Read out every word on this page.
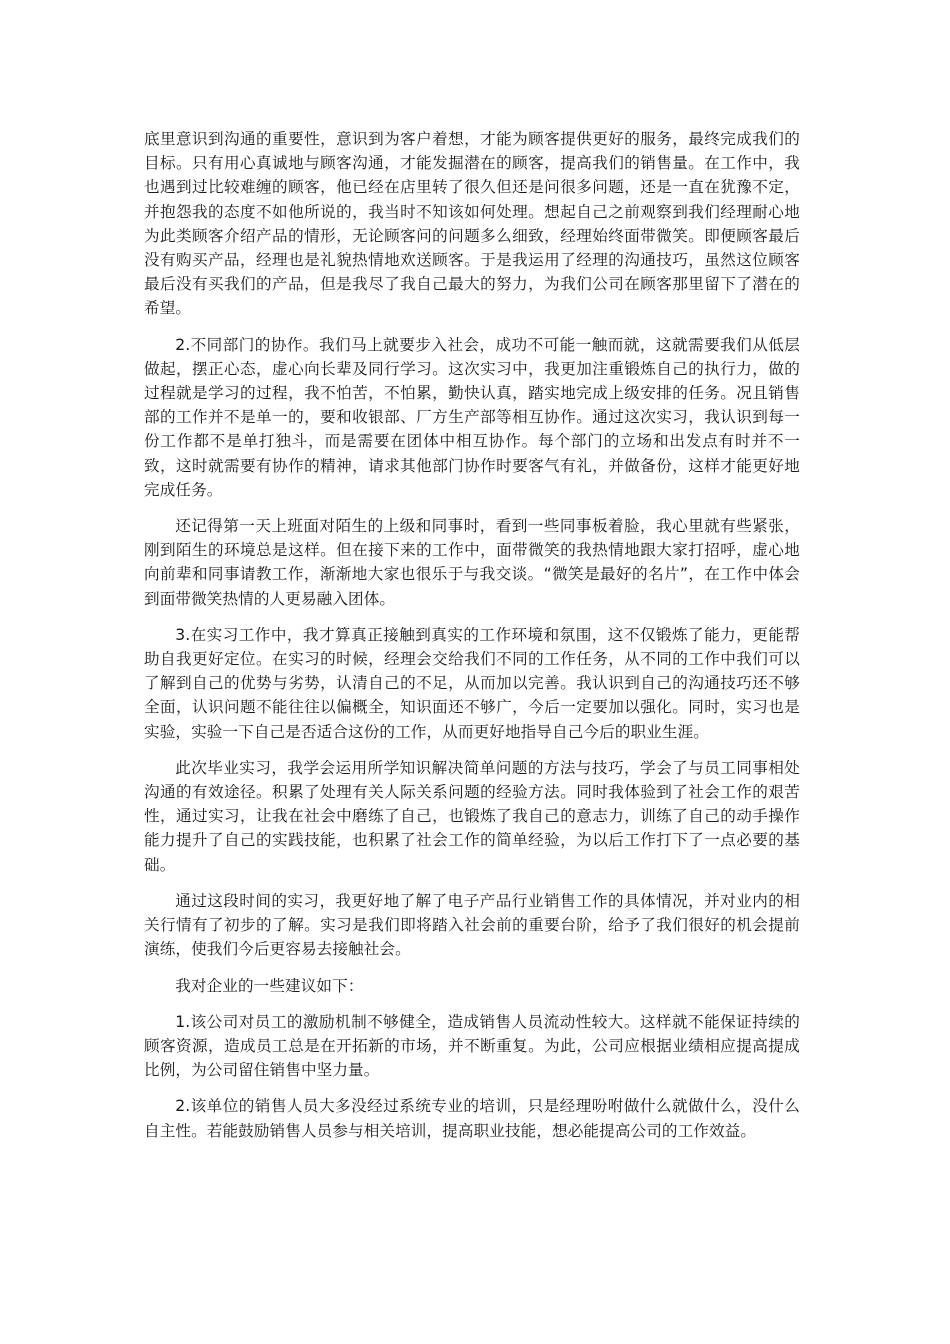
底里意识到沟通的重要性，意识到为客户着想，才能为顾客提供更好的服务，最终完成我们的目标。只有用心真诚地与顾客沟通，才能发掘潜在的顾客，提高我们的销售量。在工作中，我也遇到过比较难缠的顾客，他已经在店里转了很久但还是问很多问题，还是一直在犹豫不定，并抱怨我的态度不如他所说的，我当时不知该如何处理。想起自己之前观察到我们经理耐心地为此类顾客介绍产品的情形，无论顾客问的问题多么细致，经理始终面带微笑。即便顾客最后没有购买产品，经理也是礼貌热情地欢送顾客。于是我运用了经理的沟通技巧，虽然这位顾客最后没有买我们的产品，但是我尽了我自己最大的努力，为我们公司在顾客那里留下了潜在的希望。

2.不同部门的协作。我们马上就要步入社会，成功不可能一触而就，这就需要我们从低层做起，摆正心态，虚心向长辈及同行学习。这次实习中，我更加注重锻炼自己的执行力，做的过程就是学习的过程，我不怕苦，不怕累，勤快认真，踏实地完成上级安排的任务。况且销售部的工作并不是单一的，要和收银部、厂方生产部等相互协作。通过这次实习，我认识到每一份工作都不是单打独斗，而是需要在团体中相互协作。每个部门的立场和出发点有时并不一致，这时就需要有协作的精神，请求其他部门协作时要客气有礼，并做备份，这样才能更好地完成任务。

还记得第一天上班面对陌生的上级和同事时，看到一些同事板着脸，我心里就有些紧张，刚到陌生的环境总是这样。但在接下来的工作中，面带微笑的我热情地跟大家打招呼，虚心地向前辈和同事请教工作，渐渐地大家也很乐于与我交谈。“微笑是最好的名片”，在工作中体会到面带微笑热情的人更易融入团体。

3.在实习工作中，我才算真正接触到真实的工作环境和氛围，这不仅锻炼了能力，更能帮助自我更好定位。在实习的时候，经理会交给我们不同的工作任务，从不同的工作中我们可以了解到自己的优势与劣势，认清自己的不足，从而加以完善。我认识到自己的沟通技巧还不够全面，认识问题不能往往以偏概全，知识面还不够广，今后一定要加以强化。同时，实习也是实验，实验一下自己是否适合这份的工作，从而更好地指导自己今后的职业生涯。

此次毕业实习，我学会运用所学知识解决简单问题的方法与技巧，学会了与员工同事相处沟通的有效途径。积累了处理有关人际关系问题的经验方法。同时我体验到了社会工作的艰苦性，通过实习，让我在社会中磨练了自己，也锻炼了我自己的意志力，训练了自己的动手操作能力提升了自己的实践技能，也积累了社会工作的简单经验，为以后工作打下了一点必要的基础。

通过这段时间的实习，我更好地了解了电子产品行业销售工作的具体情况，并对业内的相关行情有了初步的了解。实习是我们即将踏入社会前的重要台阶，给予了我们很好的机会提前演练，使我们今后更容易去接触社会。

我对企业的一些建议如下：

1.该公司对员工的激励机制不够健全，造成销售人员流动性较大。这样就不能保证持续的顾客资源，造成员工总是在开拓新的市场，并不断重复。为此，公司应根据业绩相应提高提成比例，为公司留住销售中坚力量。

2.该单位的销售人员大多没经过系统专业的培训，只是经理吩咐做什么就做什么，没什么自主性。若能鼓励销售人员参与相关培训，提高职业技能，想必能提高公司的工作效益。
